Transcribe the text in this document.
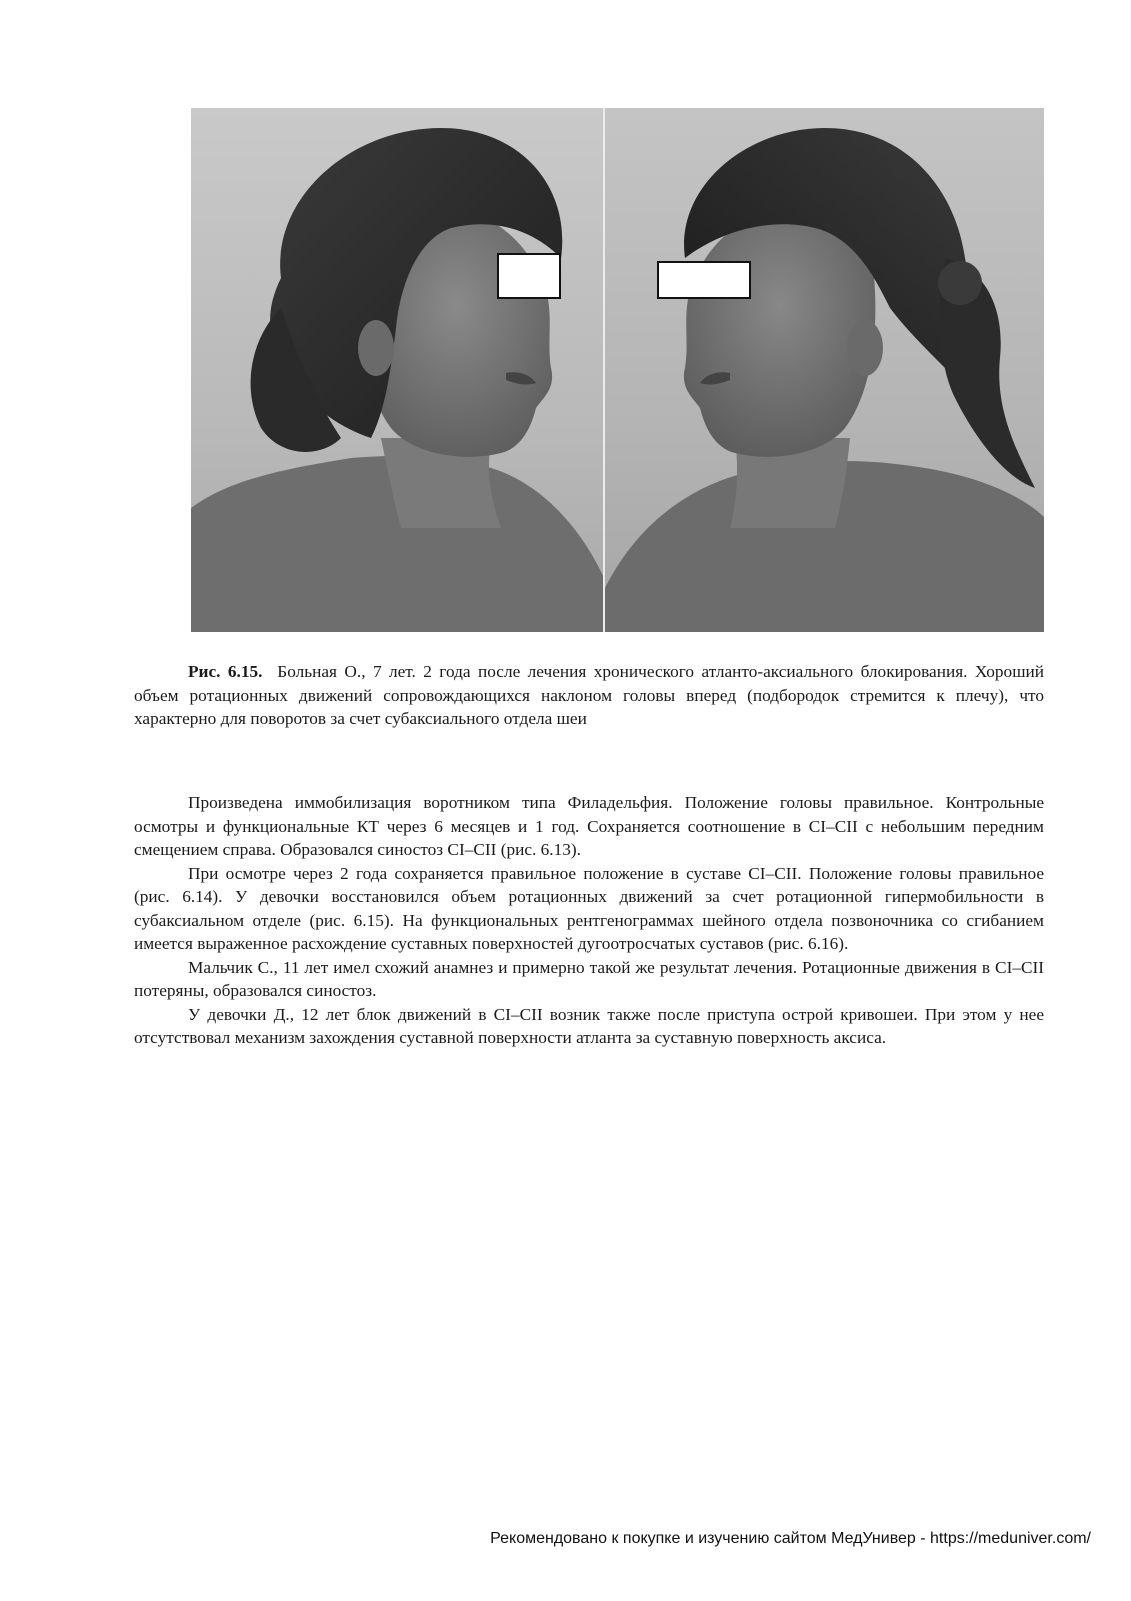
Рис. 6.15. Больная О., 7 лет. 2 года после лечения хронического атланто-аксиального блокирования. Хороший объем ротационных движений сопровождающихся наклоном головы вперед (подбородок стремится к плечу), что характерно для поворотов за счет субаксиального отдела шеи

Произведена иммобилизация воротником типа Филадельфия. Положение головы правильное. Контрольные осмотры и функциональные КТ через 6 месяцев и 1 год. Сохраняется соотношение в CI–CII с небольшим передним смещением справа. Образовался синостоз CI–CII (рис. 6.13).

При осмотре через 2 года сохраняется правильное положение в суставе CI–CII. Положение головы правильное (рис. 6.14). У девочки восстановился объем ротационных движений за счет ротационной гипермобильности в субаксиальном отделе (рис. 6.15). На функциональных рентгенограммах шейного отдела позвоночника со сгибанием имеется выраженное расхождение суставных поверхностей дугоотросчатых суставов (рис. 6.16).

Мальчик С., 11 лет имел схожий анамнез и примерно такой же результат лечения. Ротационные движения в CI–CII потеряны, образовался синостоз.

У девочки Д., 12 лет блок движений в CI–CII возник также после приступа острой кривошеи. При этом у нее отсутствовал механизм захождения суставной поверхности атланта за суставную поверхность аксиса.

Рекомендовано к покупке и изучению сайтом МедУнивер - https://meduniver.com/
